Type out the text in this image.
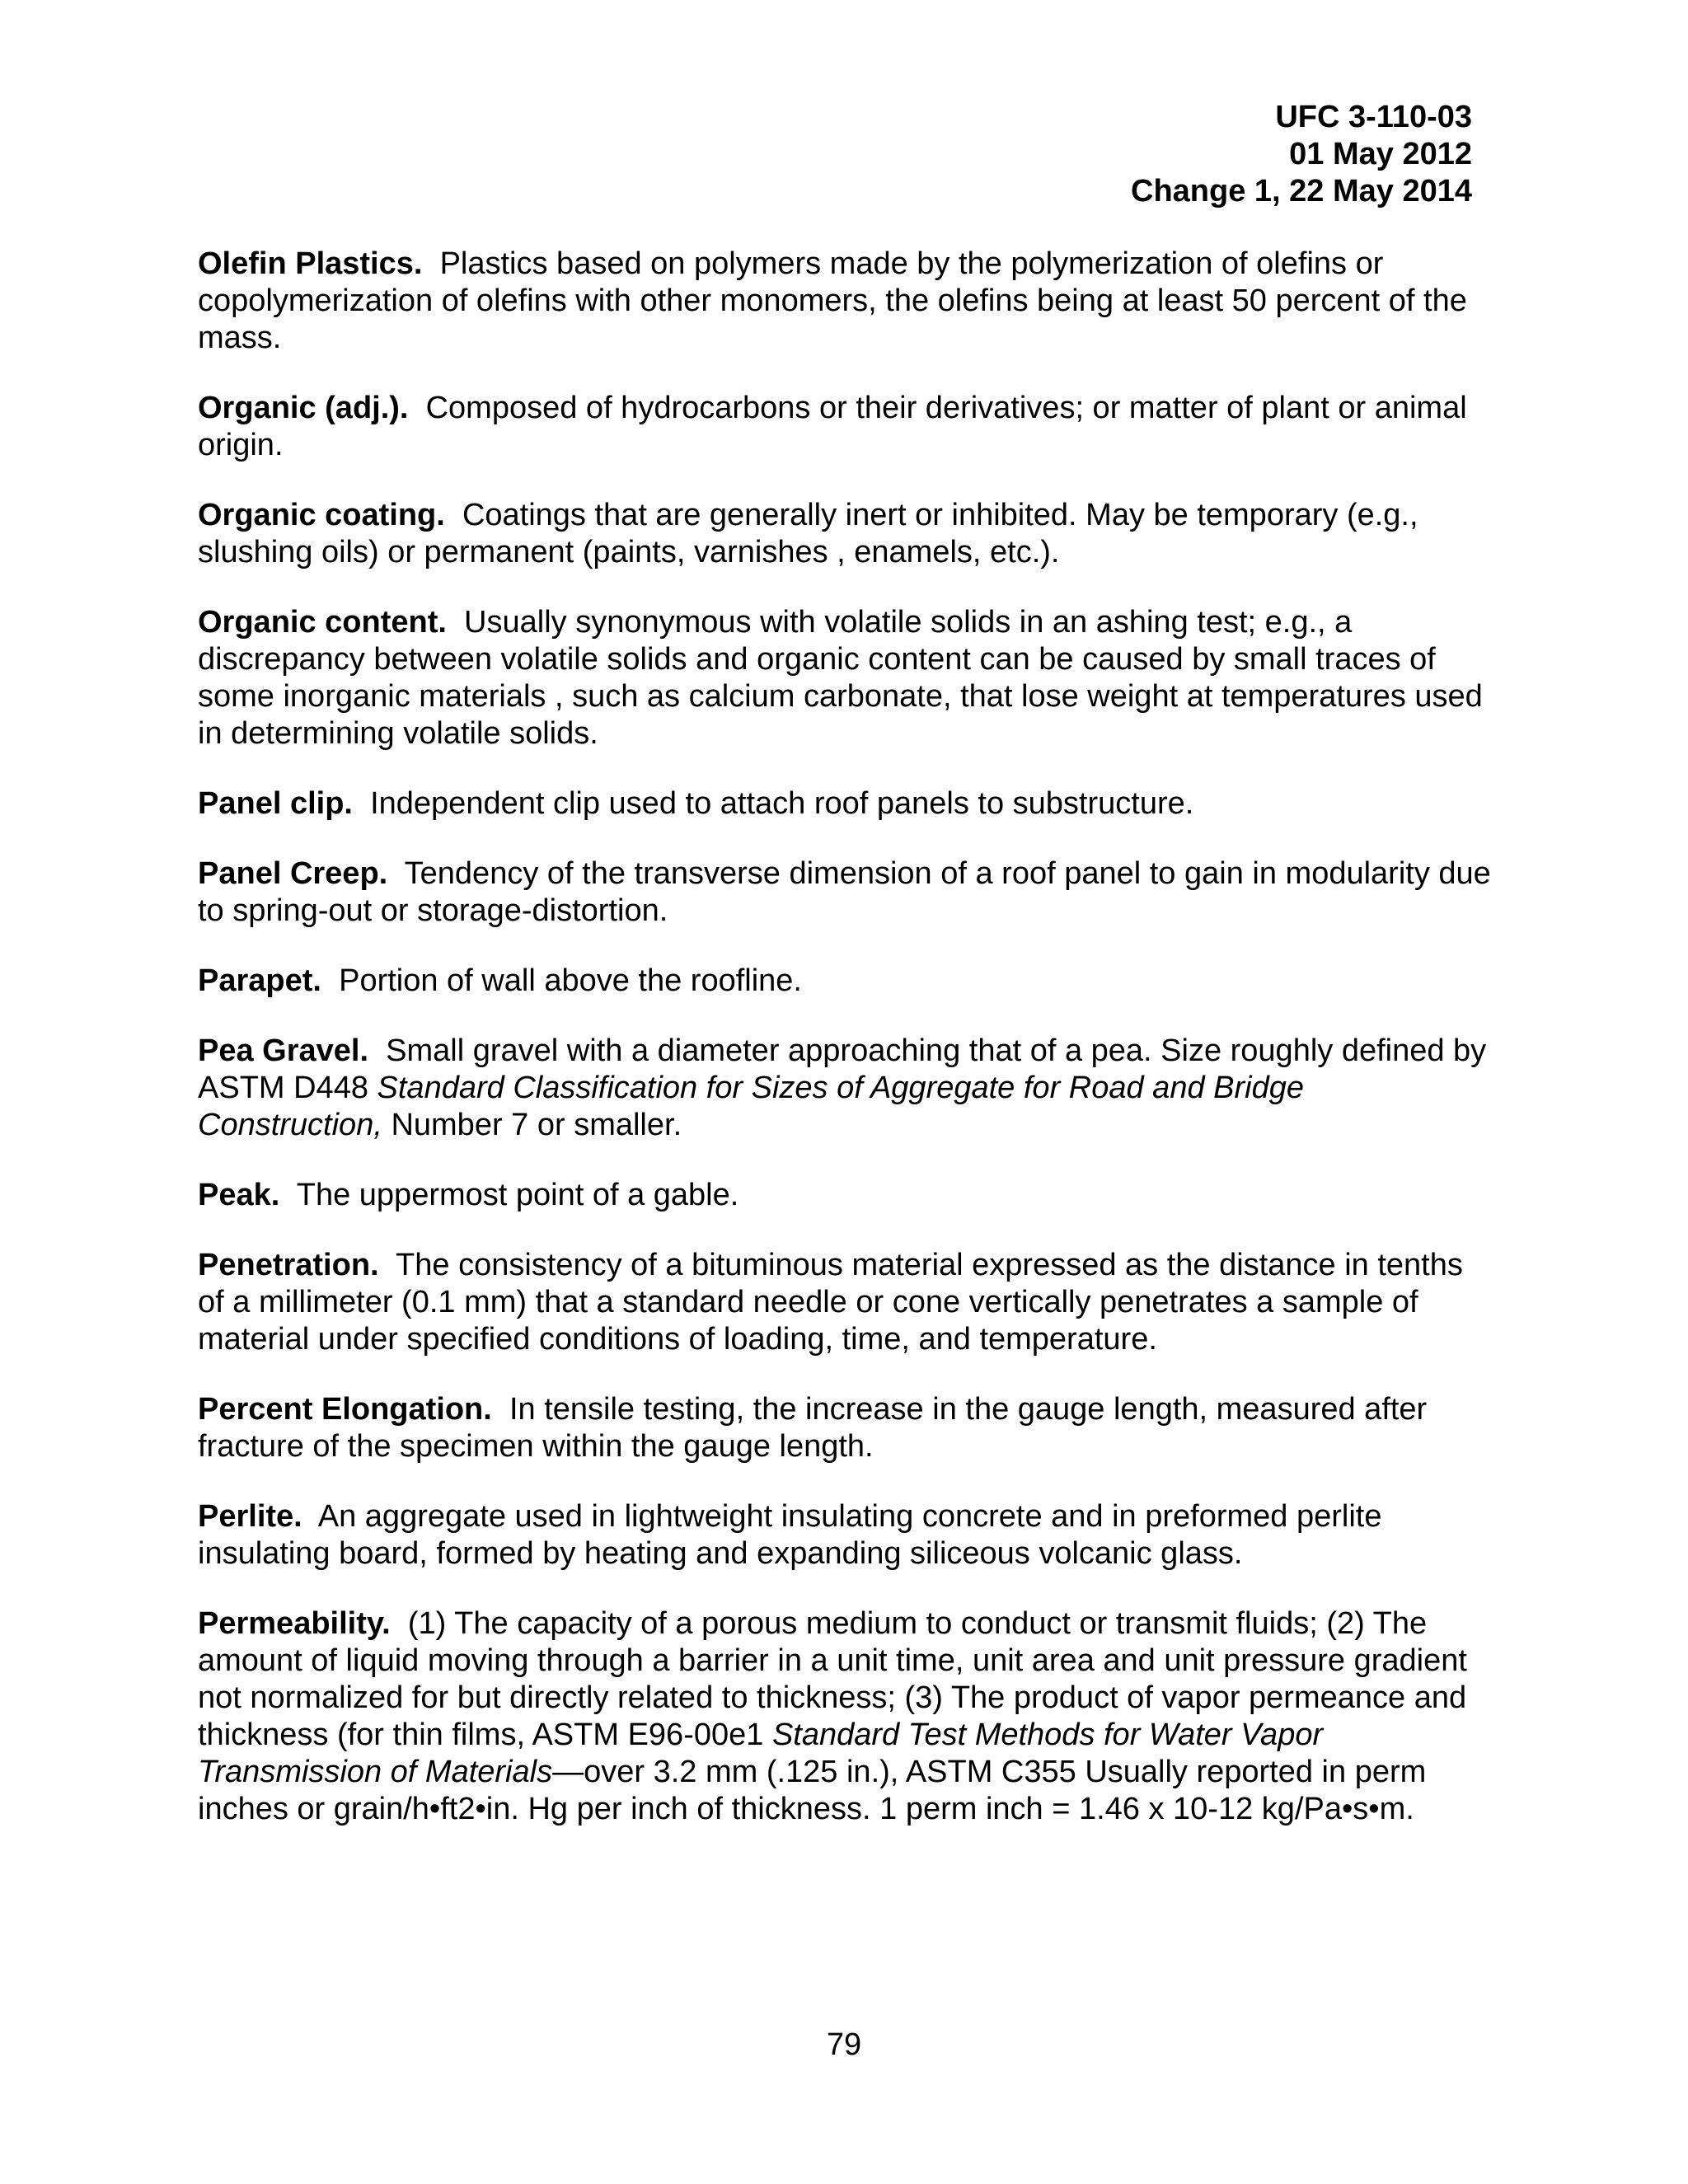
UFC 3-110-03
01 May 2012
Change 1, 22 May 2014

Olefin Plastics. Plastics based on polymers made by the polymerization of olefins or copolymerization of olefins with other monomers, the olefins being at least 50 percent of the mass.

Organic (adj.). Composed of hydrocarbons or their derivatives; or matter of plant or animal origin.

Organic coating. Coatings that are generally inert or inhibited. May be temporary (e.g., slushing oils) or permanent (paints, varnishes , enamels, etc.).

Organic content. Usually synonymous with volatile solids in an ashing test; e.g., a discrepancy between volatile solids and organic content can be caused by small traces of some inorganic materials , such as calcium carbonate, that lose weight at temperatures used in determining volatile solids.

Panel clip. Independent clip used to attach roof panels to substructure.

Panel Creep. Tendency of the transverse dimension of a roof panel to gain in modularity due to spring-out or storage-distortion.

Parapet. Portion of wall above the roofline.

Pea Gravel. Small gravel with a diameter approaching that of a pea. Size roughly defined by ASTM D448 Standard Classification for Sizes of Aggregate for Road and Bridge Construction, Number 7 or smaller.

Peak. The uppermost point of a gable.

Penetration. The consistency of a bituminous material expressed as the distance in tenths of a millimeter (0.1 mm) that a standard needle or cone vertically penetrates a sample of material under specified conditions of loading, time, and temperature.

Percent Elongation. In tensile testing, the increase in the gauge length, measured after fracture of the specimen within the gauge length.

Perlite. An aggregate used in lightweight insulating concrete and in preformed perlite insulating board, formed by heating and expanding siliceous volcanic glass.

Permeability. (1) The capacity of a porous medium to conduct or transmit fluids; (2) The amount of liquid moving through a barrier in a unit time, unit area and unit pressure gradient not normalized for but directly related to thickness; (3) The product of vapor permeance and thickness (for thin films, ASTM E96-00e1 Standard Test Methods for Water Vapor Transmission of Materials—over 3.2 mm (.125 in.), ASTM C355 Usually reported in perm inches or grain/h•ft2•in. Hg per inch of thickness. 1 perm inch = 1.46 x 10-12 kg/Pa•s•m.

79
